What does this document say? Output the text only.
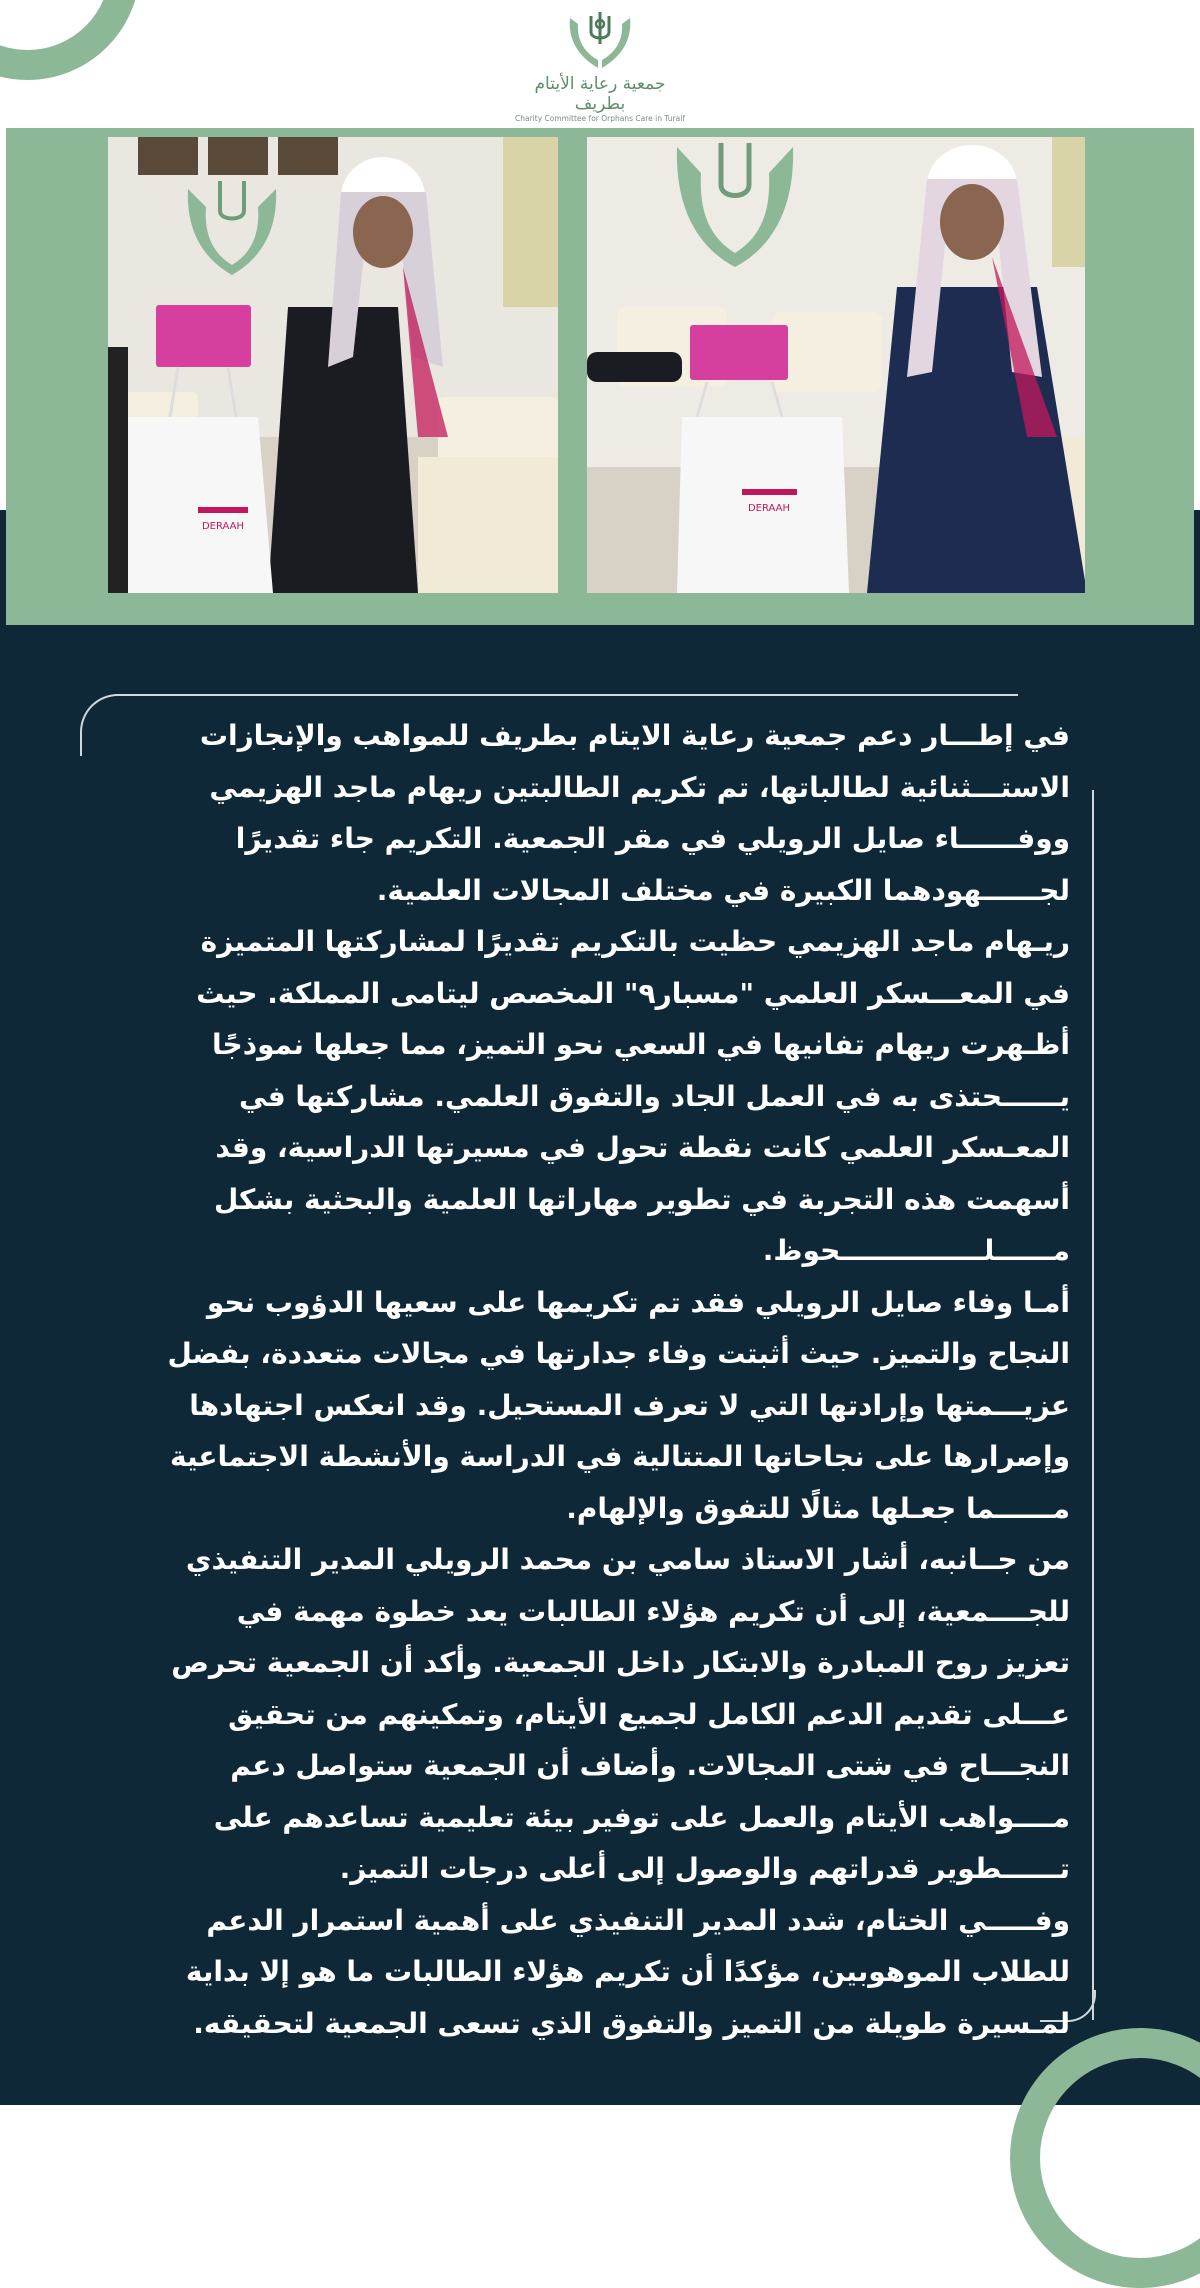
جمعية رعاية الأيتام بطريف
Charity Committee for Orphans Care in Turaif
DERAAH
DERAAH

في إطـــار دعم جمعية رعاية الايتام بطريف للمواهب والإنجازات

الاستـــثنائية لطالباتها، تم تكريم الطالبتين ريهام ماجد الهزيمي

ووفــــــاء صايل الرويلي في مقر الجمعية. التكريم جاء تقديرًا

لجــــــهودهما الكبيرة في مختلف المجالات العلمية.

ريـهام ماجد الهزيمي حظيت بالتكريم تقديرًا لمشاركتها المتميزة

في المعـــسكر العلمي "مسبار٩" المخصص ليتامى المملكة. حيث

أظـهرت ريهام تفانيها في السعي نحو التميز، مما جعلها نموذجًا

يــــــحتذى به في العمل الجاد والتفوق العلمي. مشاركتها في

المعـسكر العلمي كانت نقطة تحول في مسيرتها الدراسية، وقد

أسهمت هذه التجربة في تطوير مهاراتها العلمية والبحثية بشكل

مــــــلـــــــــــــــحوظ.

أمـا وفاء صايل الرويلي فقد تم تكريمها على سعيها الدؤوب نحو

النجاح والتميز. حيث أثبتت وفاء جدارتها في مجالات متعددة، بفضل

عزيـــمتها وإرادتها التي لا تعرف المستحيل. وقد انعكس اجتهادها

وإصرارها على نجاحاتها المتتالية في الدراسة والأنشطة الاجتماعية

مــــــما جعـلها مثالًا للتفوق والإلهام.

من جــانبه، أشار الاستاذ سامي بن محمد الرويلي المدير التنفيذي

للجــــمعية، إلى أن تكريم هؤلاء الطالبات يعد خطوة مهمة في

تعزيز روح المبادرة والابتكار داخل الجمعية. وأكد أن الجمعية تحرص

عـــلى تقديم الدعم الكامل لجميع الأيتام، وتمكينهم من تحقيق

النجـــاح في شتى المجالات. وأضاف أن الجمعية ستواصل دعم

مــــواهب الأيتام والعمل على توفير بيئة تعليمية تساعدهم على

تــــــطوير قدراتهم والوصول إلى أعلى درجات التميز.

وفـــــي الختام، شدد المدير التنفيذي على أهمية استمرار الدعم

للطلاب الموهوبين، مؤكدًا أن تكريم هؤلاء الطالبات ما هو إلا بداية

لمـسيرة طويلة من التميز والتفوق الذي تسعى الجمعية لتحقيقه.
